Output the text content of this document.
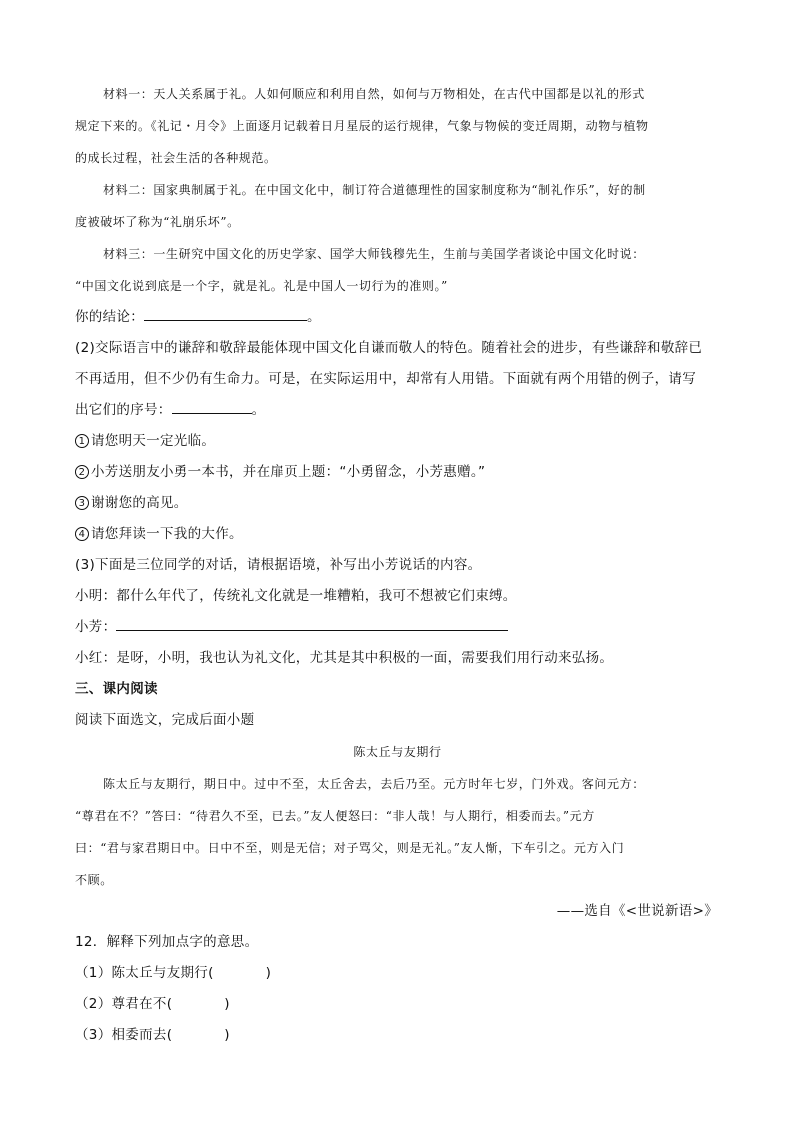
材料一：天人关系属于礼。人如何顺应和利用自然，如何与万物相处，在古代中国都是以礼的形式

规定下来的。《礼记・月令》上面逐月记载着日月星辰的运行规律，气象与物候的变迁周期，动物与植物

的成长过程，社会生活的各种规范。

材料二：国家典制属于礼。在中国文化中，制订符合道德理性的国家制度称为“制礼作乐”，好的制

度被破坏了称为“礼崩乐坏”。

材料三：一生研究中国文化的历史学家、国学大师钱穆先生，生前与美国学者谈论中国文化时说：

“中国文化说到底是一个字，就是礼。礼是中国人一切行为的准则。”

你的结论：	。

(2)交际语言中的谦辞和敬辞最能体现中国文化自谦而敬人的特色。随着社会的进步，有些谦辞和敬辞已

不再适用，但不少仍有生命力。可是，在实际运用中，却常有人用错。下面就有两个用错的例子，请写

出它们的序号：	。

1 请您明天一定光临。

2 小芳送朋友小勇一本书，并在扉页上题：“小勇留念，小芳惠赠。”

3 谢谢您的高见。

4 请您拜读一下我的大作。

(3)下面是三位同学的对话，请根据语境，补写出小芳说话的内容。

小明：都什么年代了，传统礼文化就是一堆糟粕，我可不想被它们束缚。

小芳：

小红：是呀，小明，我也认为礼文化，尤其是其中积极的一面，需要我们用行动来弘扬。

三、课内阅读

阅读下面选文，完成后面小题

陈太丘与友期行

陈太丘与友期行，期日中。过中不至，太丘舍去，去后乃至。元方时年七岁，门外戏。客问元方：

“尊君在不？”答曰：“待君久不至，已去。”友人便怒曰：“非人哉！与人期行，相委而去。”元方

曰：“君与家君期日中。日中不至，则是无信；对子骂父，则是无礼。”友人惭，下车引之。元方入门

不顾。

——选自《<世说新语>》

12．解释下列加点字的意思。

（1）陈太丘与友期行(	)

（2）尊君在不(	)

（3）相委而去(	)
